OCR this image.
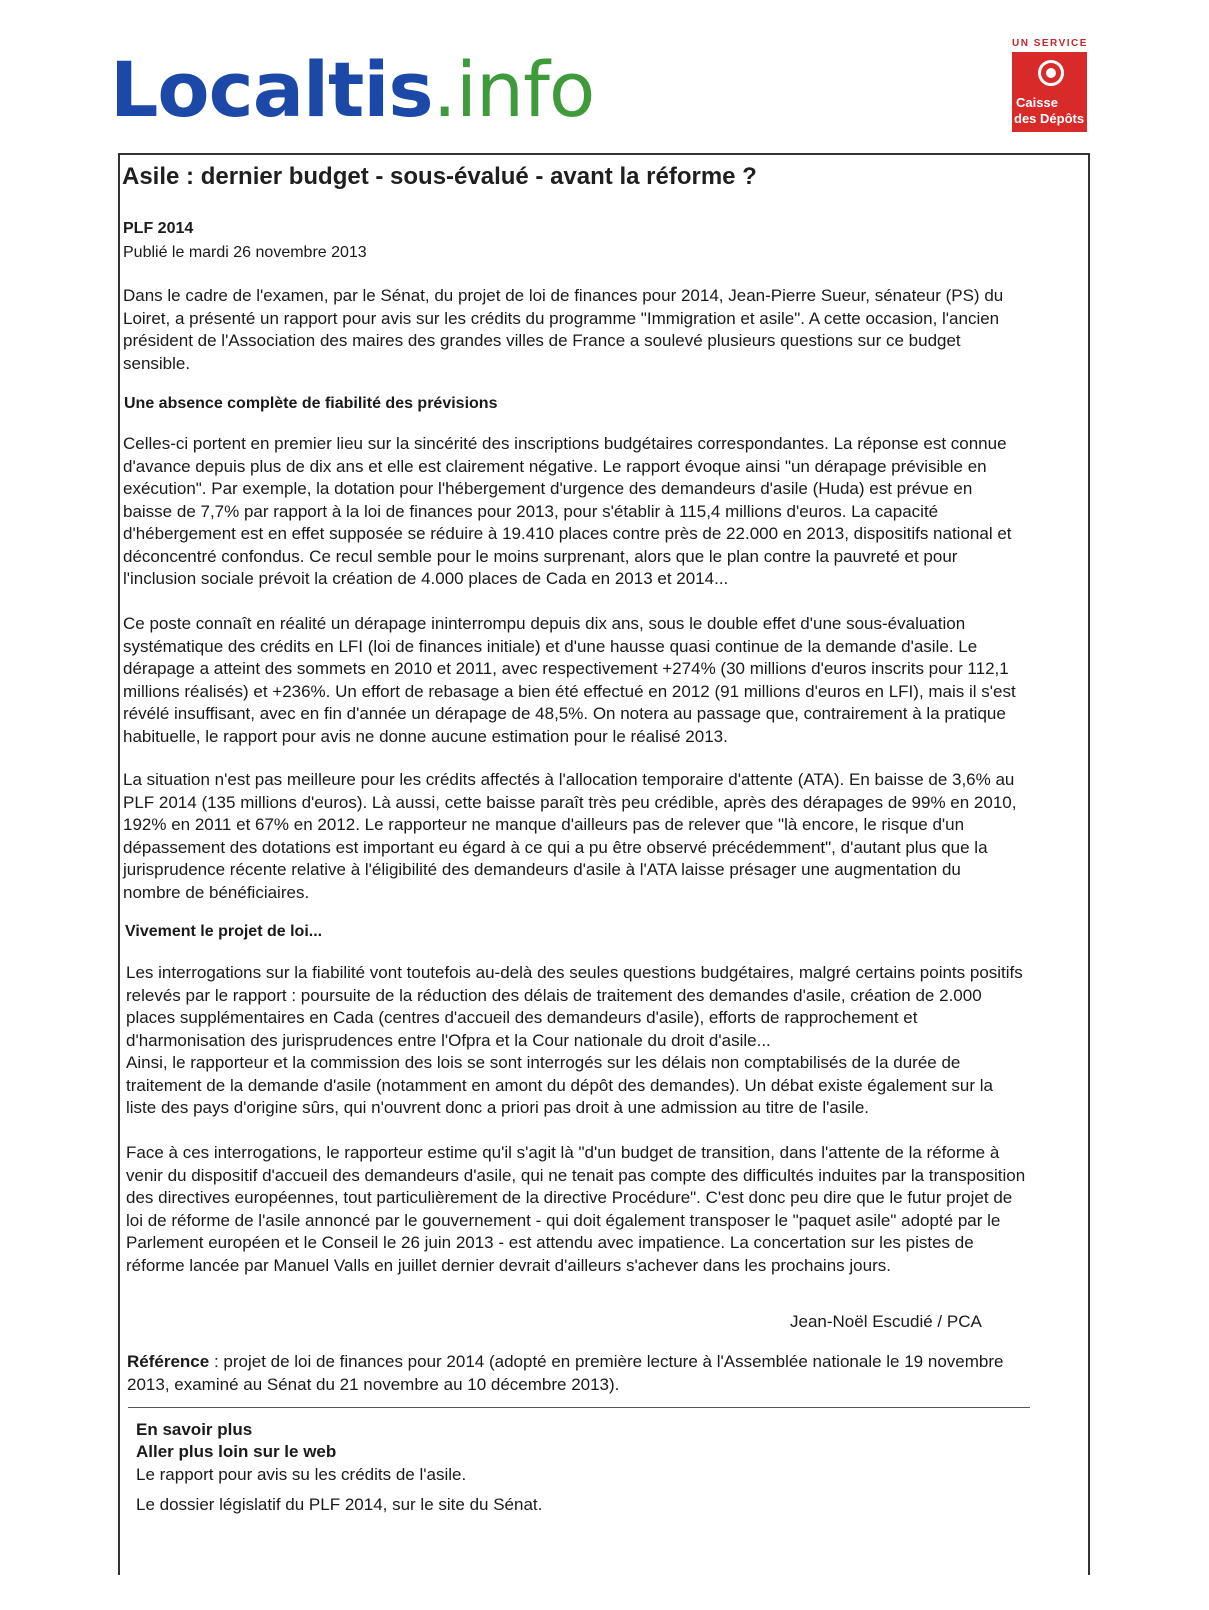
Localtis.info
UN SERVICE
Caisse
des Dépôts
Asile : dernier budget - sous-évalué - avant la réforme ?
PLF 2014
Publié le mardi 26 novembre 2013
Dans le cadre de l'examen, par le Sénat, du projet de loi de finances pour 2014, Jean-Pierre Sueur, sénateur (PS) du Loiret, a présenté un rapport pour avis sur les crédits du programme "Immigration et asile". A cette occasion, l'ancien président de l'Association des maires des grandes villes de France a soulevé plusieurs questions sur ce budget sensible.
Une absence complète de fiabilité des prévisions
Celles-ci portent en premier lieu sur la sincérité des inscriptions budgétaires correspondantes. La réponse est connue d'avance depuis plus de dix ans et elle est clairement négative. Le rapport évoque ainsi "un dérapage prévisible en exécution". Par exemple, la dotation pour l'hébergement d'urgence des demandeurs d'asile (Huda) est prévue en baisse de 7,7% par rapport à la loi de finances pour 2013, pour s'établir à 115,4 millions d'euros. La capacité d'hébergement est en effet supposée se réduire à 19.410 places contre près de 22.000 en 2013, dispositifs national et déconcentré confondus. Ce recul semble pour le moins surprenant, alors que le plan contre la pauvreté et pour l'inclusion sociale prévoit la création de 4.000 places de Cada en 2013 et 2014...
Ce poste connaît en réalité un dérapage ininterrompu depuis dix ans, sous le double effet d'une sous-évaluation systématique des crédits en LFI (loi de finances initiale) et d'une hausse quasi continue de la demande d'asile. Le dérapage a atteint des sommets en 2010 et 2011, avec respectivement +274% (30 millions d'euros inscrits pour 112,1 millions réalisés) et +236%. Un effort de rebasage a bien été effectué en 2012 (91 millions d'euros en LFI), mais il s'est révélé insuffisant, avec en fin d'année un dérapage de 48,5%. On notera au passage que, contrairement à la pratique habituelle, le rapport pour avis ne donne aucune estimation pour le réalisé 2013.
La situation n'est pas meilleure pour les crédits affectés à l'allocation temporaire d'attente (ATA). En baisse de 3,6% au PLF 2014 (135 millions d'euros). Là aussi, cette baisse paraît très peu crédible, après des dérapages de 99% en 2010, 192% en 2011 et 67% en 2012. Le rapporteur ne manque d'ailleurs pas de relever que "là encore, le risque d'un dépassement des dotations est important eu égard à ce qui a pu être observé précédemment", d'autant plus que la jurisprudence récente relative à l'éligibilité des demandeurs d'asile à l'ATA laisse présager une augmentation du nombre de bénéficiaires.
Vivement le projet de loi...
Les interrogations sur la fiabilité vont toutefois au-delà des seules questions budgétaires, malgré certains points positifs relevés par le rapport : poursuite de la réduction des délais de traitement des demandes d'asile, création de 2.000 places supplémentaires en Cada (centres d'accueil des demandeurs d'asile), efforts de rapprochement et d'harmonisation des jurisprudences entre l'Ofpra et la Cour nationale du droit d'asile...
Ainsi, le rapporteur et la commission des lois se sont interrogés sur les délais non comptabilisés de la durée de traitement de la demande d'asile (notamment en amont du dépôt des demandes). Un débat existe également sur la liste des pays d'origine sûrs, qui n'ouvrent donc a priori pas droit à une admission au titre de l'asile.
Face à ces interrogations, le rapporteur estime qu'il s'agit là "d'un budget de transition, dans l'attente de la réforme à venir du dispositif d'accueil des demandeurs d'asile, qui ne tenait pas compte des difficultés induites par la transposition des directives européennes, tout particulièrement de la directive Procédure". C'est donc peu dire que le futur projet de loi de réforme de l'asile annoncé par le gouvernement - qui doit également transposer le "paquet asile" adopté par le Parlement européen et le Conseil le 26 juin 2013 - est attendu avec impatience. La concertation sur les pistes de réforme lancée par Manuel Valls en juillet dernier devrait d'ailleurs s'achever dans les prochains jours.
Jean-Noël Escudié / PCA
Référence : projet de loi de finances pour 2014 (adopté en première lecture à l'Assemblée nationale le 19 novembre 2013, examiné au Sénat du 21 novembre au 10 décembre 2013).
En savoir plus
Aller plus loin sur le web
Le rapport pour avis su les crédits de l'asile.
Le dossier législatif du PLF 2014, sur le site du Sénat.
